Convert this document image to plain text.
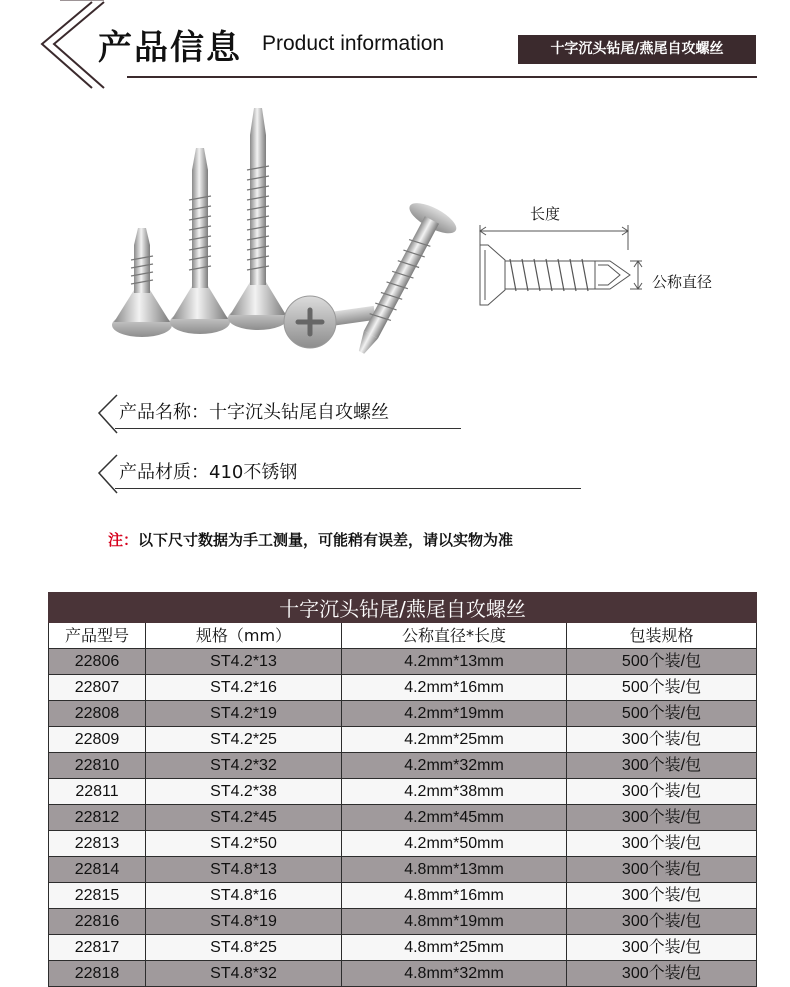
产品信息 Product information	十字沉头钻尾/燕尾自攻螺丝
长度
公称直径
产品名称：十字沉头钻尾自攻螺丝
产品材质：410不锈钢
注：以下尺寸数据为手工测量，可能稍有误差，请以实物为准
十字沉头钻尾/燕尾自攻螺丝			
产品型号	规格（mm）	公称直径*长度	包装规格
22806	ST4.2*13	4.2mm*13mm	500个装/包
22807	ST4.2*16	4.2mm*16mm	500个装/包
22808	ST4.2*19	4.2mm*19mm	500个装/包
22809	ST4.2*25	4.2mm*25mm	300个装/包
22810	ST4.2*32	4.2mm*32mm	300个装/包
22811	ST4.2*38	4.2mm*38mm	300个装/包
22812	ST4.2*45	4.2mm*45mm	300个装/包
22813	ST4.2*50	4.2mm*50mm	300个装/包
22814	ST4.8*13	4.8mm*13mm	300个装/包
22815	ST4.8*16	4.8mm*16mm	300个装/包
22816	ST4.8*19	4.8mm*19mm	300个装/包
22817	ST4.8*25	4.8mm*25mm	300个装/包
22818	ST4.8*32	4.8mm*32mm	300个装/包
